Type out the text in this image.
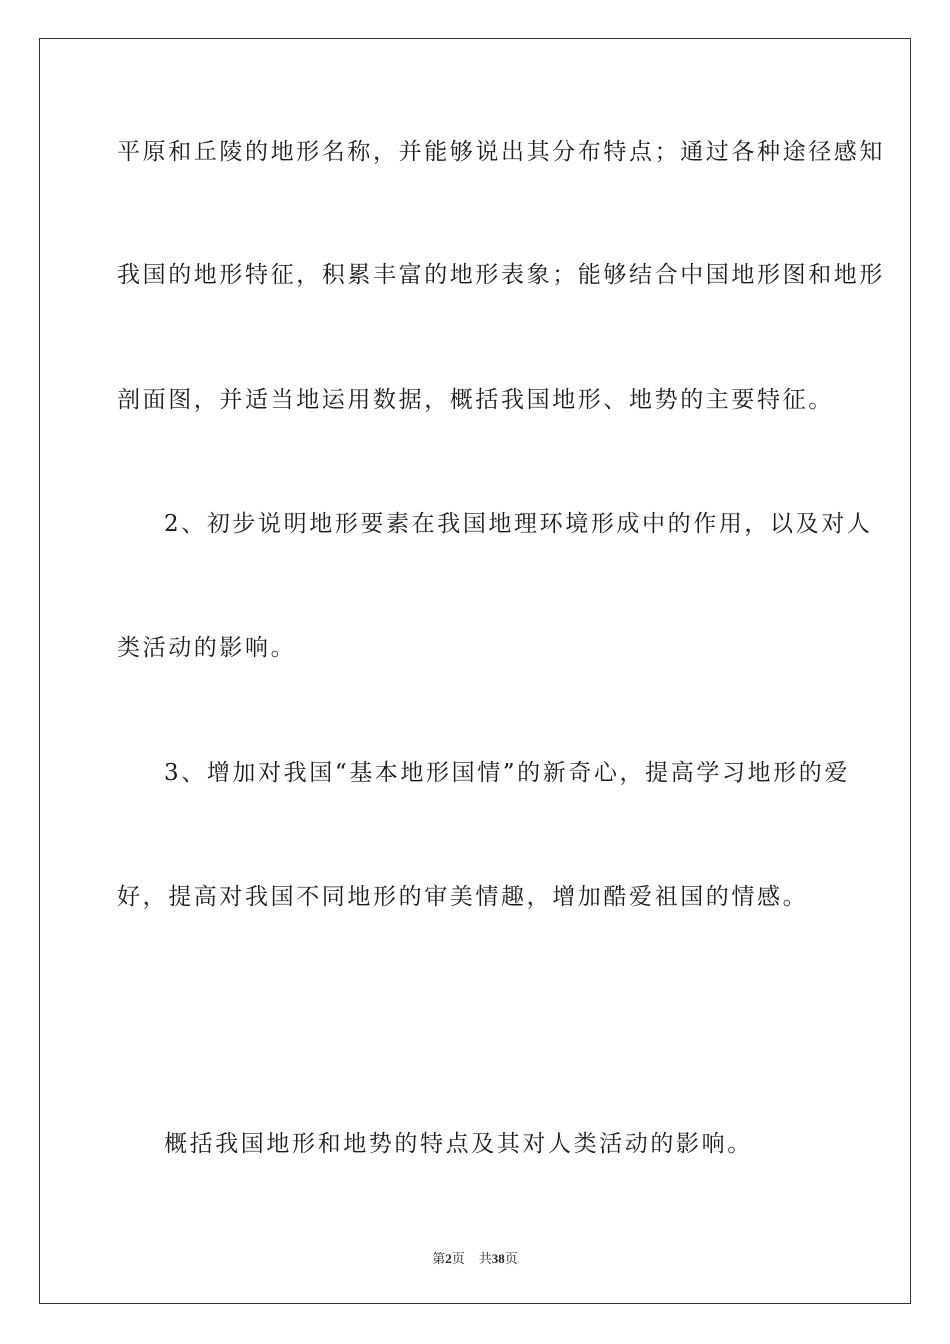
平原和丘陵的地形名称，并能够说出其分布特点；通过各种途径感知
我国的地形特征，积累丰富的地形表象；能够结合中国地形图和地形
剖面图，并适当地运用数据，概括我国地形、地势的主要特征。
2、初步说明地形要素在我国地理环境形成中的作用，以及对人
类活动的影响。
3、增加对我国“基本地形国情”的新奇心，提高学习地形的爱
好，提高对我国不同地形的审美情趣，增加酷爱祖国的情感。
概括我国地形和地势的特点及其对人类活动的影响。
第2页 共38页
